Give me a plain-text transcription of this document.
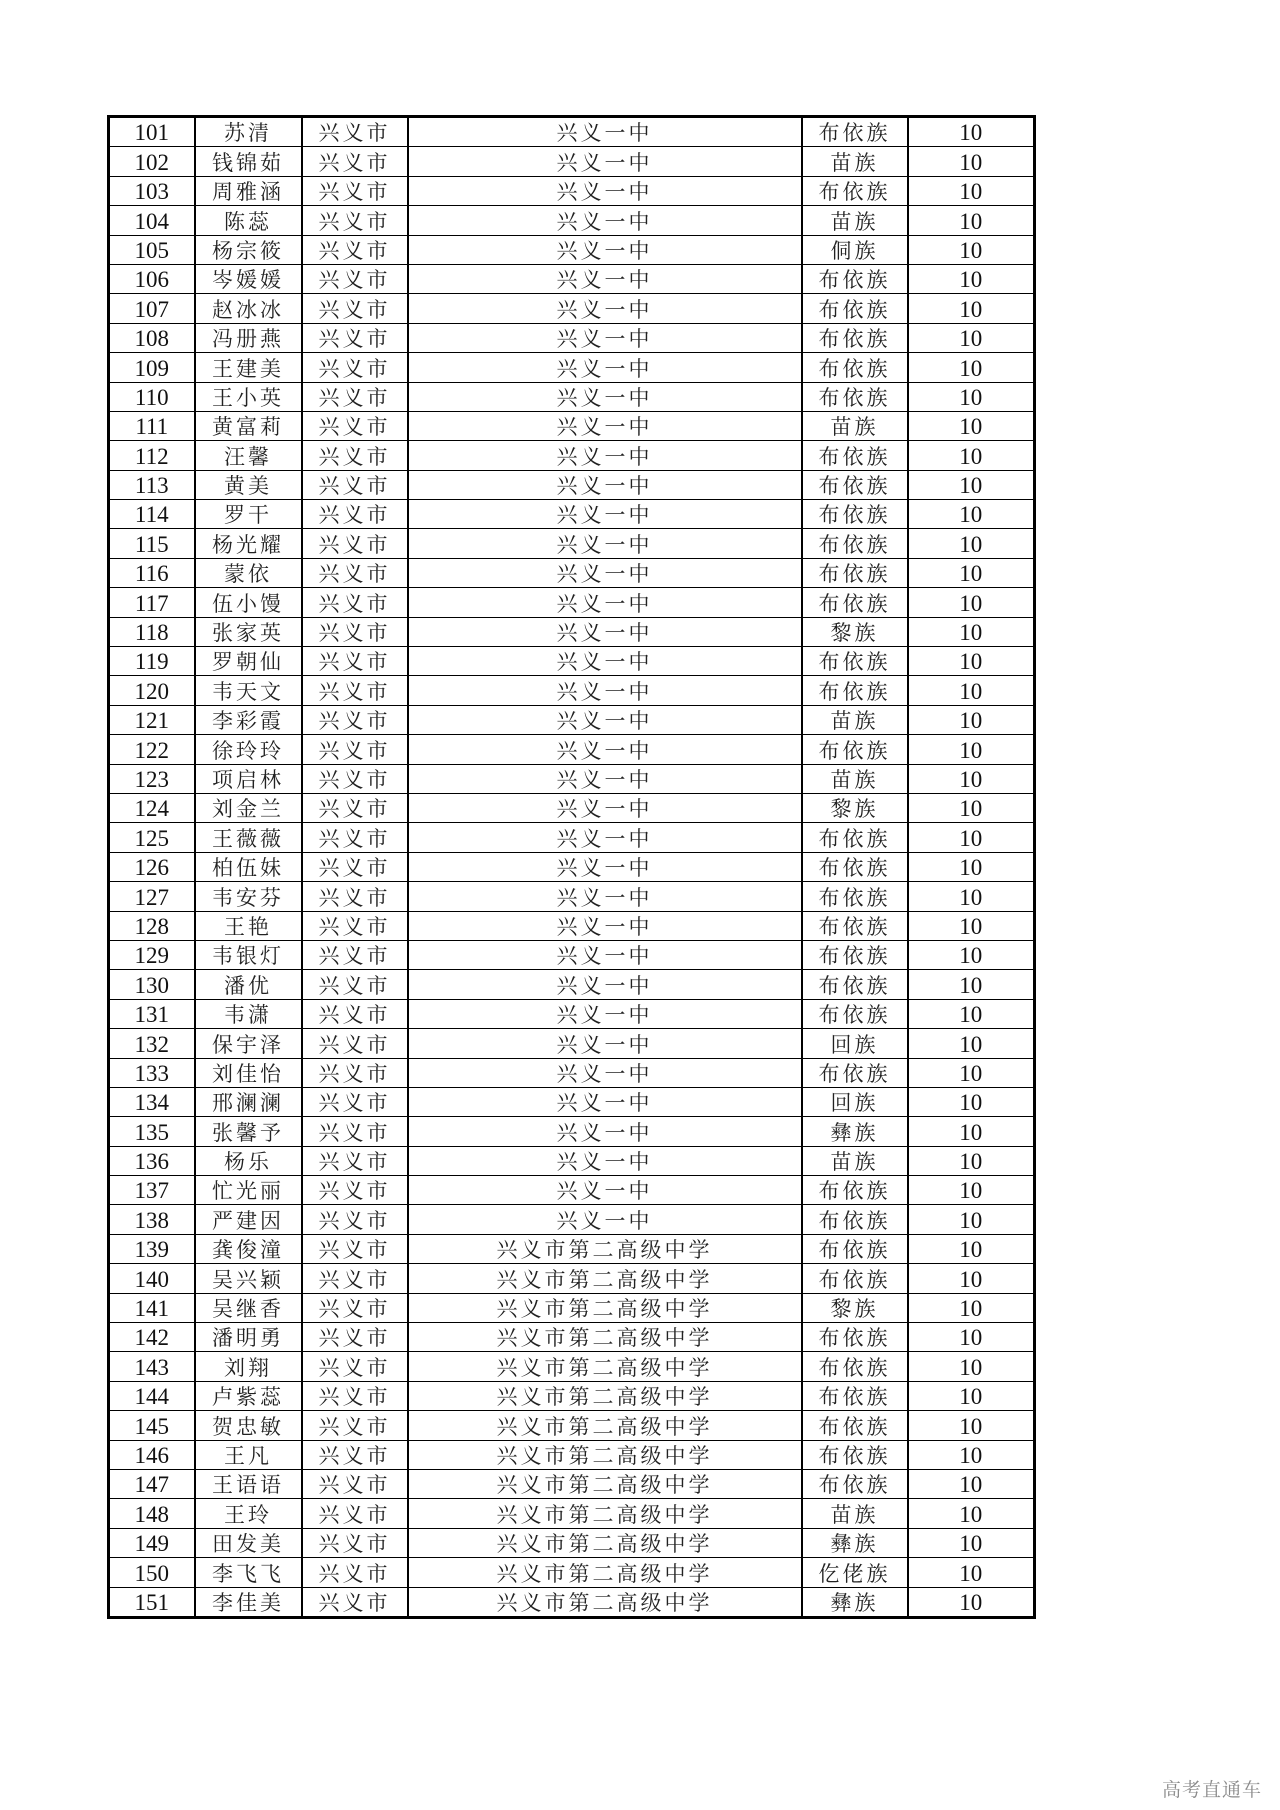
101	苏清	兴义市	兴义一中	布依族	10
102	钱锦茹	兴义市	兴义一中	苗族	10
103	周雅涵	兴义市	兴义一中	布依族	10
104	陈蕊	兴义市	兴义一中	苗族	10
105	杨宗筱	兴义市	兴义一中	侗族	10
106	岑媛媛	兴义市	兴义一中	布依族	10
107	赵冰冰	兴义市	兴义一中	布依族	10
108	冯册燕	兴义市	兴义一中	布依族	10
109	王建美	兴义市	兴义一中	布依族	10
110	王小英	兴义市	兴义一中	布依族	10
111	黄富莉	兴义市	兴义一中	苗族	10
112	汪馨	兴义市	兴义一中	布依族	10
113	黄美	兴义市	兴义一中	布依族	10
114	罗干	兴义市	兴义一中	布依族	10
115	杨光耀	兴义市	兴义一中	布依族	10
116	蒙依	兴义市	兴义一中	布依族	10
117	伍小馒	兴义市	兴义一中	布依族	10
118	张家英	兴义市	兴义一中	黎族	10
119	罗朝仙	兴义市	兴义一中	布依族	10
120	韦天文	兴义市	兴义一中	布依族	10
121	李彩霞	兴义市	兴义一中	苗族	10
122	徐玲玲	兴义市	兴义一中	布依族	10
123	项启林	兴义市	兴义一中	苗族	10
124	刘金兰	兴义市	兴义一中	黎族	10
125	王薇薇	兴义市	兴义一中	布依族	10
126	柏伍妹	兴义市	兴义一中	布依族	10
127	韦安芬	兴义市	兴义一中	布依族	10
128	王艳	兴义市	兴义一中	布依族	10
129	韦银灯	兴义市	兴义一中	布依族	10
130	潘优	兴义市	兴义一中	布依族	10
131	韦潇	兴义市	兴义一中	布依族	10
132	保宇泽	兴义市	兴义一中	回族	10
133	刘佳怡	兴义市	兴义一中	布依族	10
134	邢澜澜	兴义市	兴义一中	回族	10
135	张馨予	兴义市	兴义一中	彝族	10
136	杨乐	兴义市	兴义一中	苗族	10
137	忙光丽	兴义市	兴义一中	布依族	10
138	严建因	兴义市	兴义一中	布依族	10
139	龚俊潼	兴义市	兴义市第二高级中学	布依族	10
140	吴兴颖	兴义市	兴义市第二高级中学	布依族	10
141	吴继香	兴义市	兴义市第二高级中学	黎族	10
142	潘明勇	兴义市	兴义市第二高级中学	布依族	10
143	刘翔	兴义市	兴义市第二高级中学	布依族	10
144	卢紫蕊	兴义市	兴义市第二高级中学	布依族	10
145	贺忠敏	兴义市	兴义市第二高级中学	布依族	10
146	王凡	兴义市	兴义市第二高级中学	布依族	10
147	王语语	兴义市	兴义市第二高级中学	布依族	10
148	王玲	兴义市	兴义市第二高级中学	苗族	10
149	田发美	兴义市	兴义市第二高级中学	彝族	10
150	李飞飞	兴义市	兴义市第二高级中学	仡佬族	10
151	李佳美	兴义市	兴义市第二高级中学	彝族	10
高考直通车
